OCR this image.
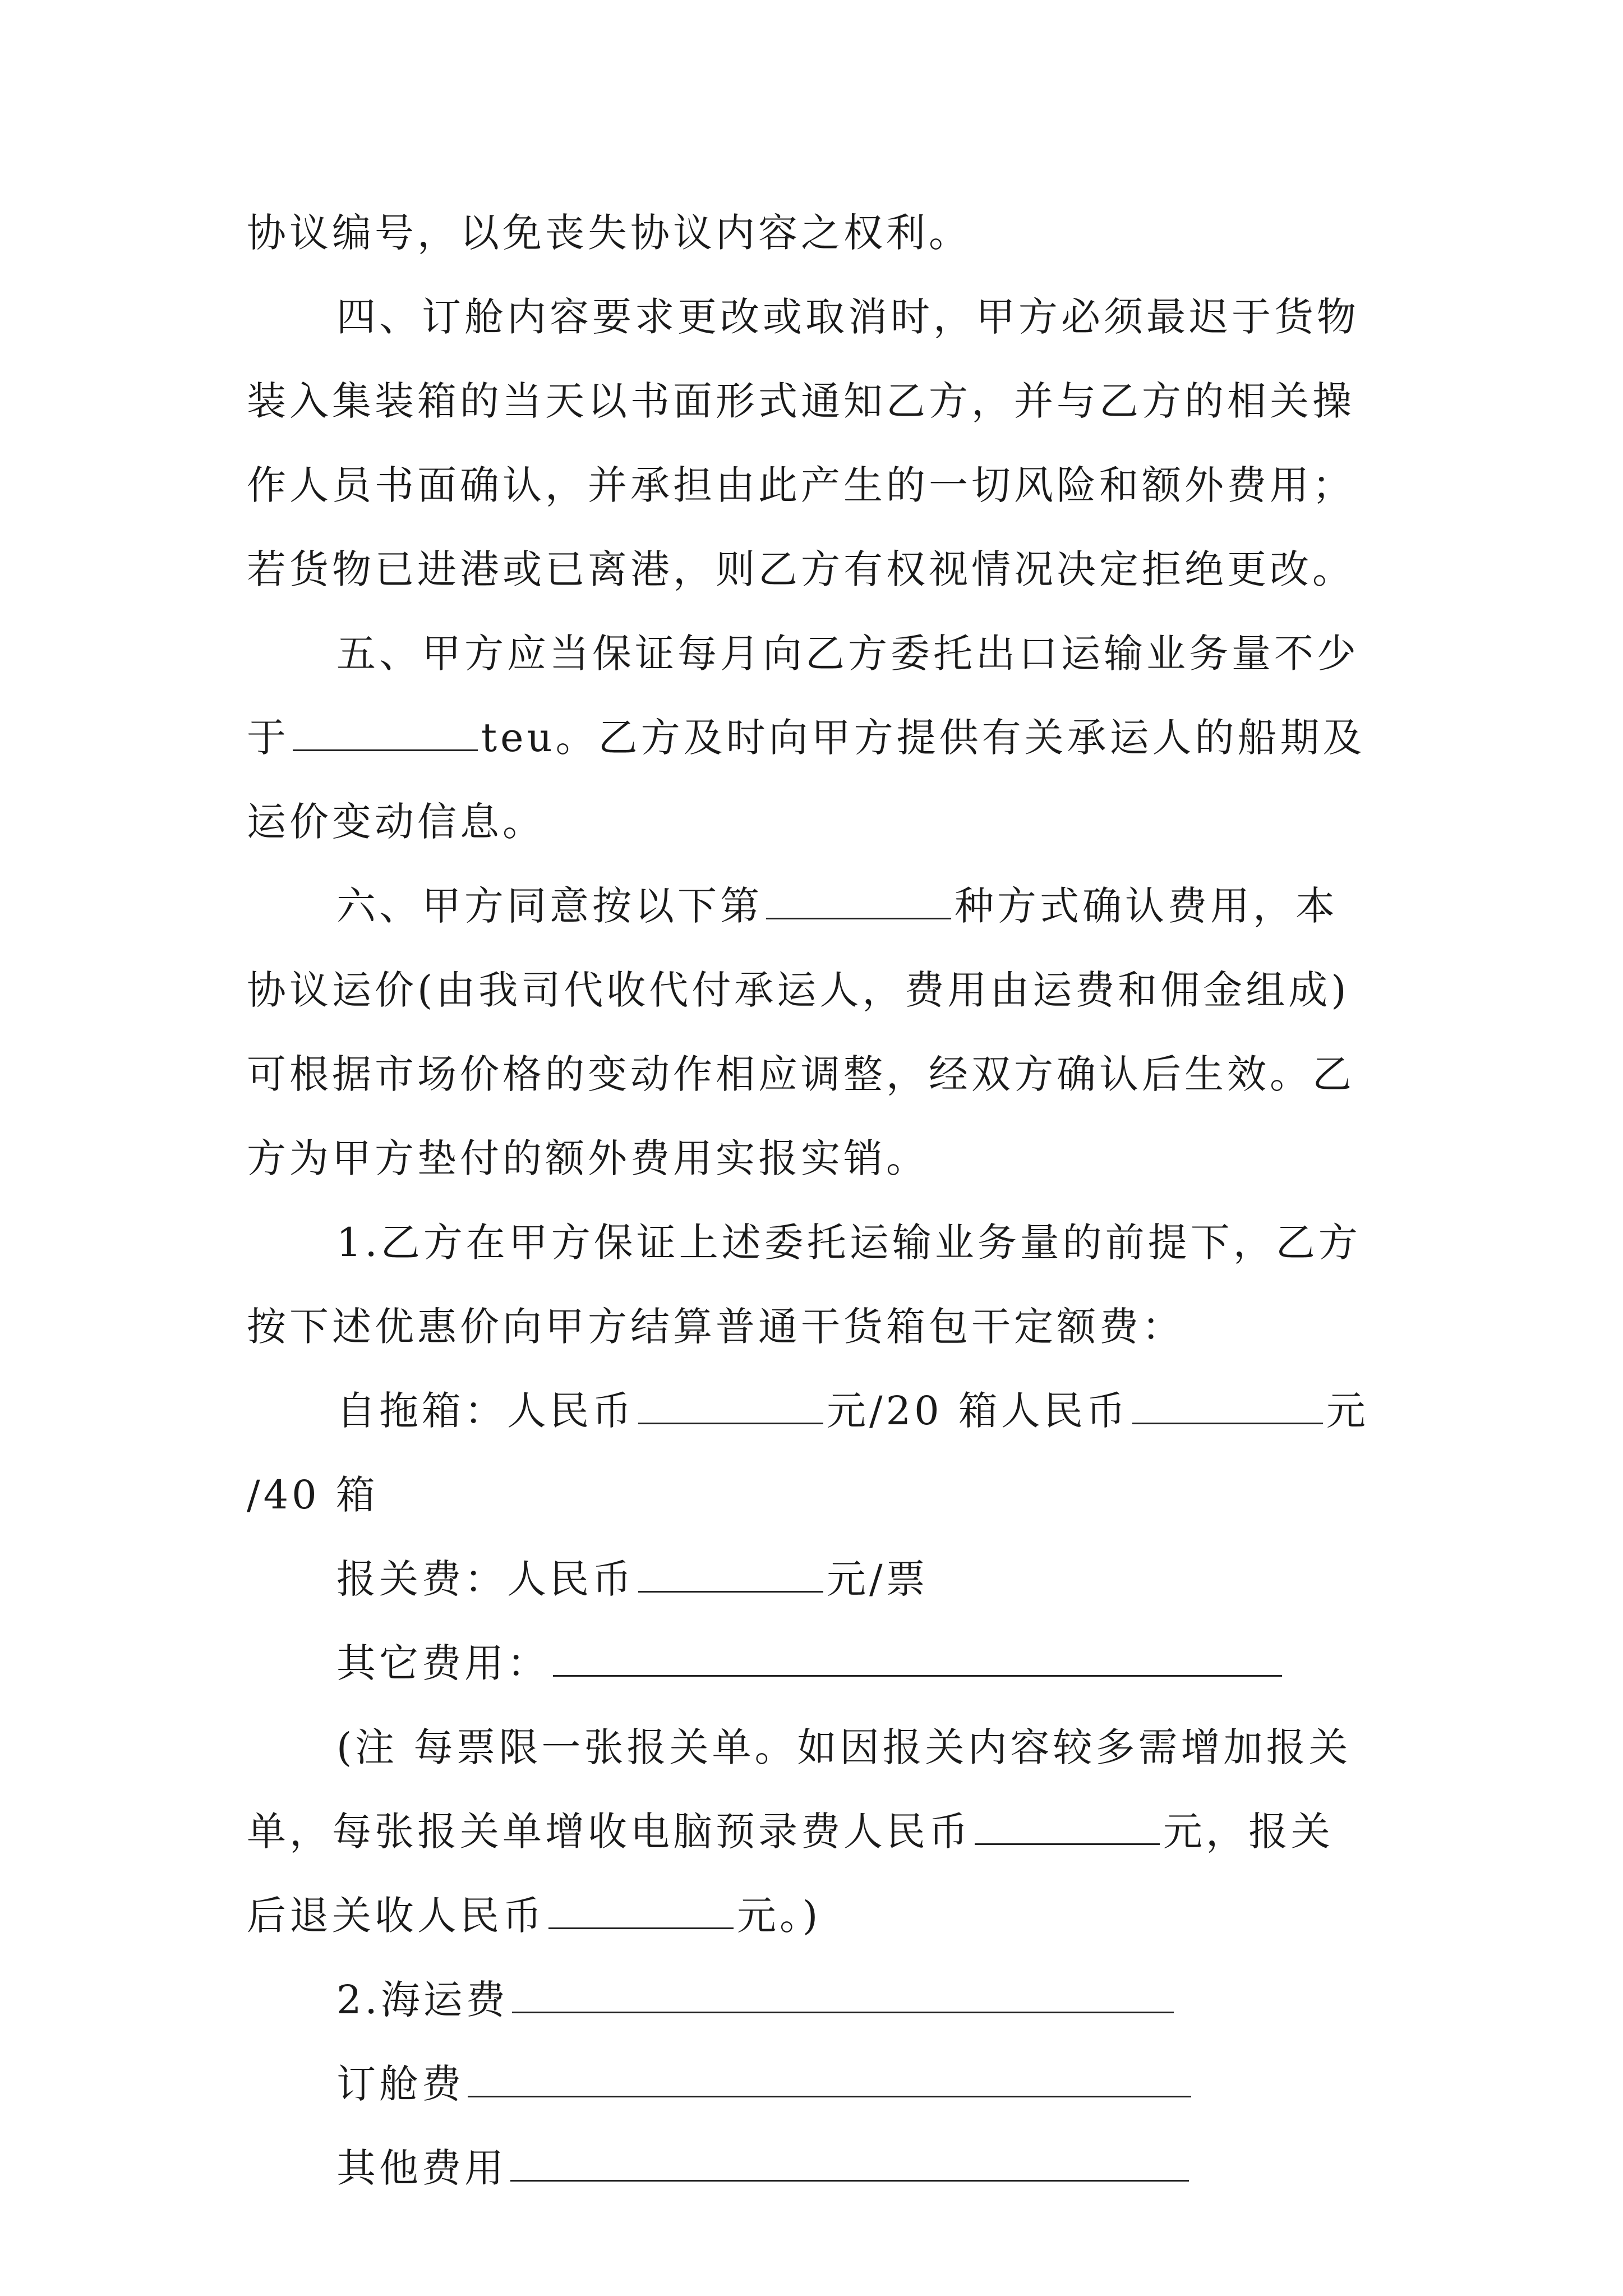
协议编号，以免丧失协议内容之权利。
四、订舱内容要求更改或取消时，甲方必须最迟于货物
装入集装箱的当天以书面形式通知乙方，并与乙方的相关操
作人员书面确认，并承担由此产生的一切风险和额外费用；
若货物已进港或已离港，则乙方有权视情况决定拒绝更改。
五、甲方应当保证每月向乙方委托出口运输业务量不少
于	teu。乙方及时向甲方提供有关承运人的船期及
运价变动信息。
六、甲方同意按以下第	种方式确认费用，本
协议运价(由我司代收代付承运人，费用由运费和佣金组成)
可根据市场价格的变动作相应调整，经双方确认后生效。乙
方为甲方垫付的额外费用实报实销。
1.乙方在甲方保证上述委托运输业务量的前提下，乙方
按下述优惠价向甲方结算普通干货箱包干定额费：
自拖箱：人民币	元/20 箱人民币	元
/40 箱
报关费：人民币	元/票
其它费用：
(注 每票限一张报关单。如因报关内容较多需增加报关
单，每张报关单增收电脑预录费人民币	元，报关
后退关收人民币	元。)
2.海运费
订舱费
其他费用
